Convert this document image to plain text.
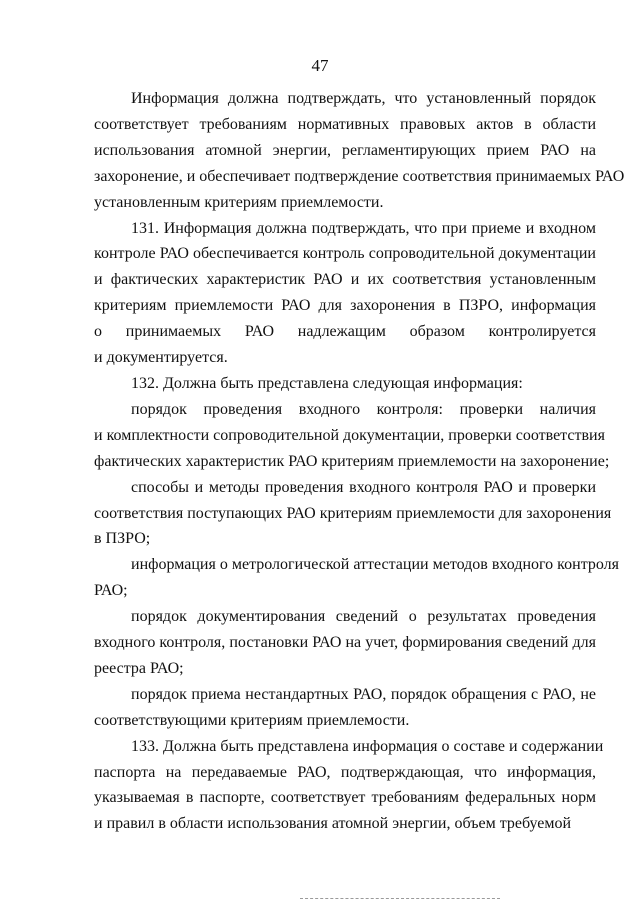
47
Информация должна подтверждать, что установленный порядок
соответствует требованиям нормативных правовых актов в области
использования атомной энергии, регламентирующих прием РАО на
захоронение, и обеспечивает подтверждение соответствия принимаемых РАО
установленным критериям приемлемости.
131. Информация должна подтверждать, что при приеме и входном
контроле РАО обеспечивается контроль сопроводительной документации
и фактических характеристик РАО и их соответствия установленным
критериям приемлемости РАО для захоронения в ПЗРО, информация
о принимаемых РАО надлежащим образом контролируется
и документируется.
132. Должна быть представлена следующая информация:
порядок проведения входного контроля: проверки наличия
и комплектности сопроводительной документации, проверки соответствия
фактических характеристик РАО критериям приемлемости на захоронение;
способы и методы проведения входного контроля РАО и проверки
соответствия поступающих РАО критериям приемлемости для захоронения
в ПЗРО;
информация о метрологической аттестации методов входного контроля
РАО;
порядок документирования сведений о результатах проведения
входного контроля, постановки РАО на учет, формирования сведений для
реестра РАО;
порядок приема нестандартных РАО, порядок обращения с РАО, не
соответствующими критериям приемлемости.
133. Должна быть представлена информация о составе и содержании
паспорта на передаваемые РАО, подтверждающая, что информация,
указываемая в паспорте, соответствует требованиям федеральных норм
и правил в области использования атомной энергии, объем требуемой
